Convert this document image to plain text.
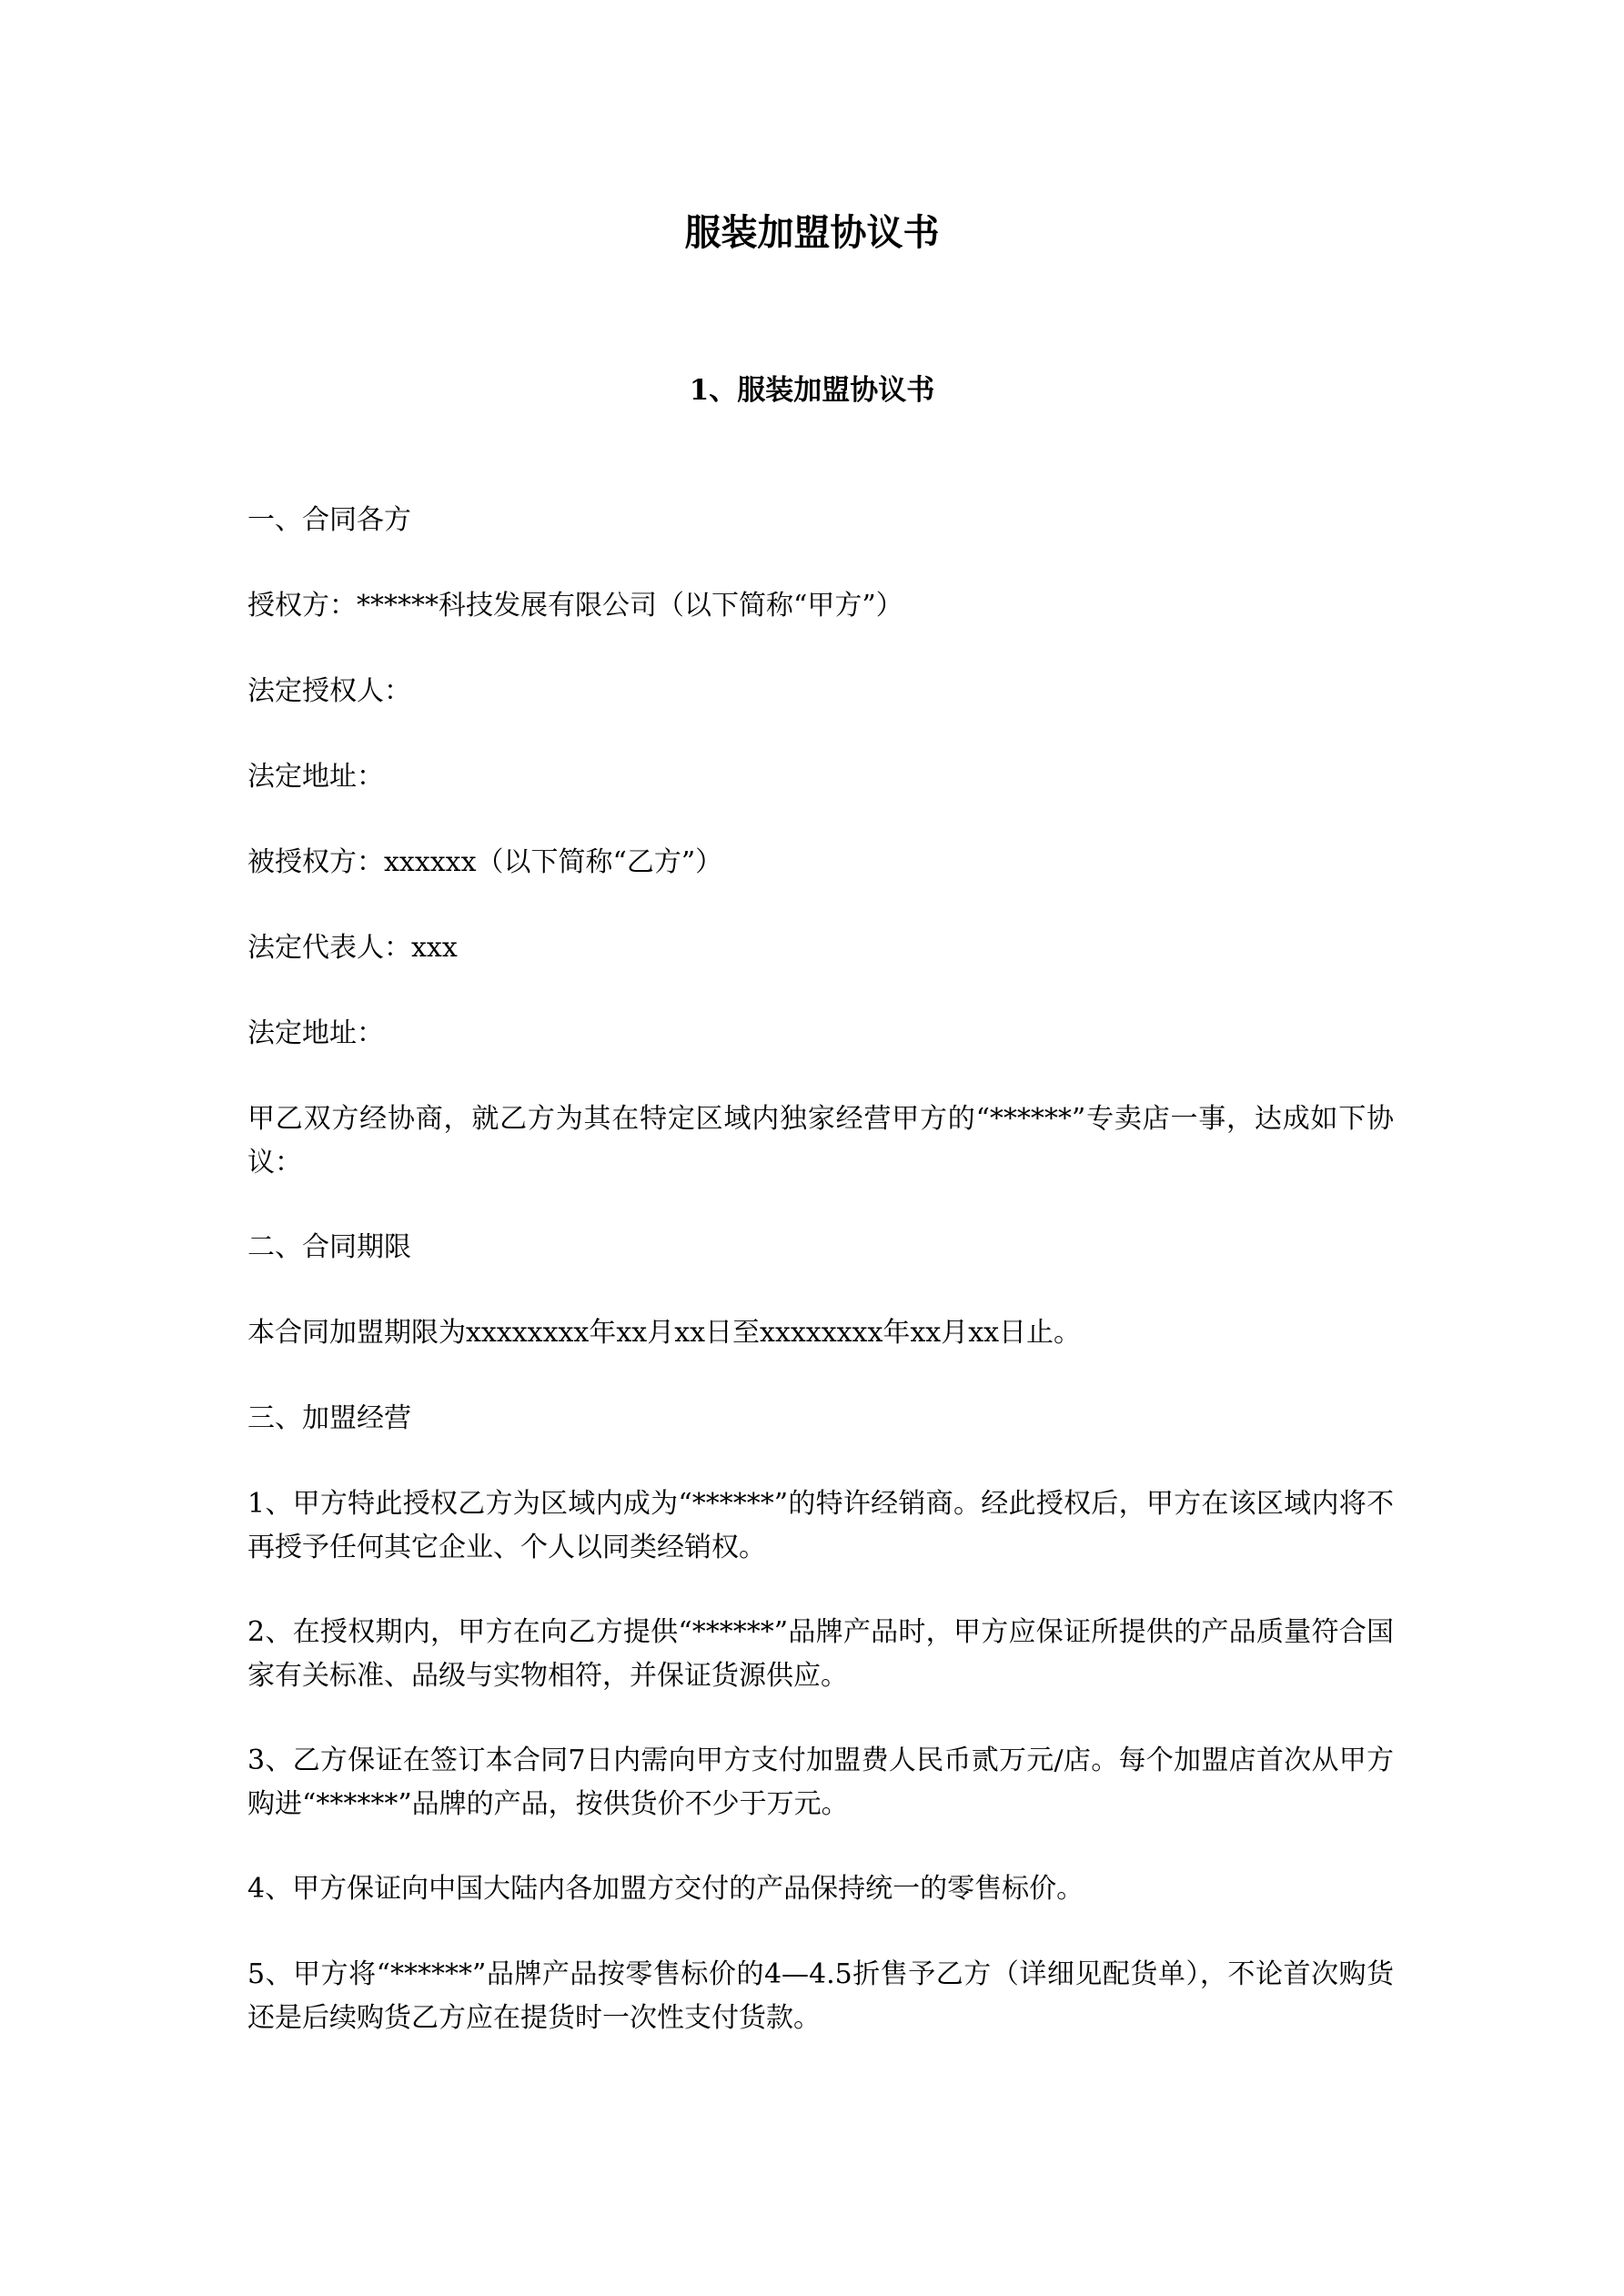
服装加盟协议书
1、服装加盟协议书

一、合同各方

授权方：******科技发展有限公司（以下简称“甲方”）

法定授权人：

法定地址：

被授权方：xxxxxx（以下简称“乙方”）

法定代表人：xxx

法定地址：

甲乙双方经协商，就乙方为其在特定区域内独家经营甲方的“******”专卖店一事，达成如下协议：

二、合同期限

本合同加盟期限为xxxxxxxx年xx月xx日至xxxxxxxx年xx月xx日止。

三、加盟经营

1、甲方特此授权乙方为区域内成为“******”的特许经销商。经此授权后，甲方在该区域内将不再授予任何其它企业、个人以同类经销权。

2、在授权期内，甲方在向乙方提供“******”品牌产品时，甲方应保证所提供的产品质量符合国家有关标准、品级与实物相符，并保证货源供应。

3、乙方保证在签订本合同7日内需向甲方支付加盟费人民币贰万元/店。每个加盟店首次从甲方购进“******”品牌的产品，按供货价不少于万元。

4、甲方保证向中国大陆内各加盟方交付的产品保持统一的零售标价。

5、甲方将“******”品牌产品按零售标价的4—4.5折售予乙方（详细见配货单），不论首次购货还是后续购货乙方应在提货时一次性支付货款。
